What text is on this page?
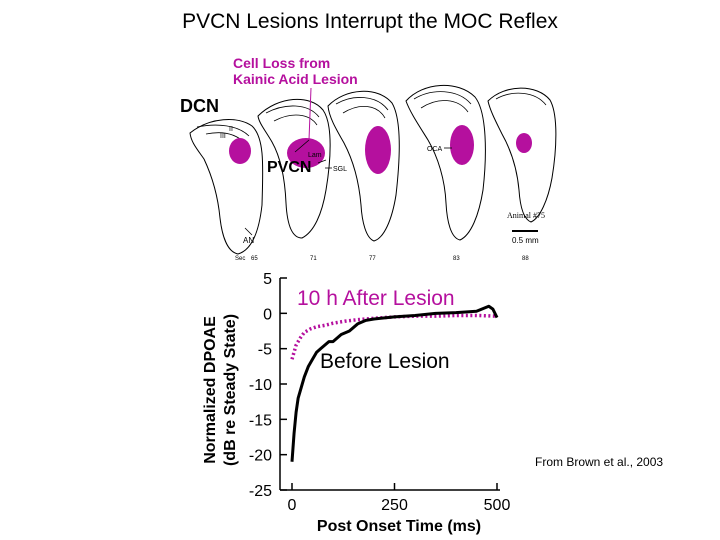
PVCN Lesions Interrupt the MOC Reflex
Cell Loss from
Kainic Acid Lesion
DCN
II
III
Lam
PVCN	SGL
OCA
AN
Animal #75
0.5 mm
Sec 65	71	77	83	88
5
0
-5
-10
-15
-20
-25
0	250	500
10 h After Lesion
Before Lesion
Post Onset Time (ms)
Normalized DPOAE (dB re Steady State)	From Brown et al., 2003
